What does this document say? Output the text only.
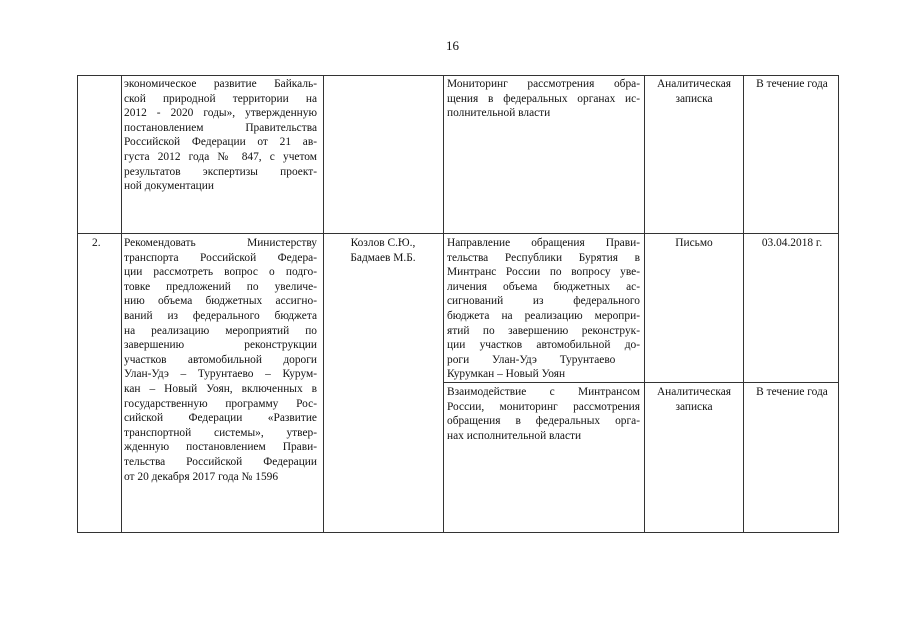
16
экономическое развитие Байкаль-
ской природной территории на
2012 - 2020 годы», утвержденную
постановлением Правительства
Российской Федерации от 21 ав-
густа 2012 года № 847, с учетом
результатов экспертизы проект-
ной документации
Мониторинг рассмотрения обра-
щения в федеральных органах ис-
полнительной власти
Аналитическая
записка
В течение года
2.	Рекомендовать Министерству
транспорта Российской Федера-
ции рассмотреть вопрос о подго-
товке предложений по увеличе-
нию объема бюджетных ассигно-
ваний из федерального бюджета
на реализацию мероприятий по
завершению реконструкции
участков автомобильной дороги
Улан-Удэ – Турунтаево – Курум-
кан – Новый Уоян, включенных в
государственную программу Рос-
сийской Федерации «Развитие
транспортной системы», утвер-
жденную постановлением Прави-
тельства Российской Федерации
от 20 декабря 2017 года № 1596
Козлов С.Ю.,
Бадмаев М.Б.
Направление обращения Прави-
тельства Республики Бурятия в
Минтранс России по вопросу уве-
личения объема бюджетных ас-
сигнований из федерального
бюджета на реализацию меропри-
ятий по завершению реконструк-
ции участков автомобильной до-
роги Улан-Удэ Турунтаево
Курумкан – Новый Уоян
Письмо	03.04.2018 г.
Взаимодействие с Минтрансом
России, мониторинг рассмотрения
обращения в федеральных орга-
нах исполнительной власти
Аналитическая
записка
В течение года
